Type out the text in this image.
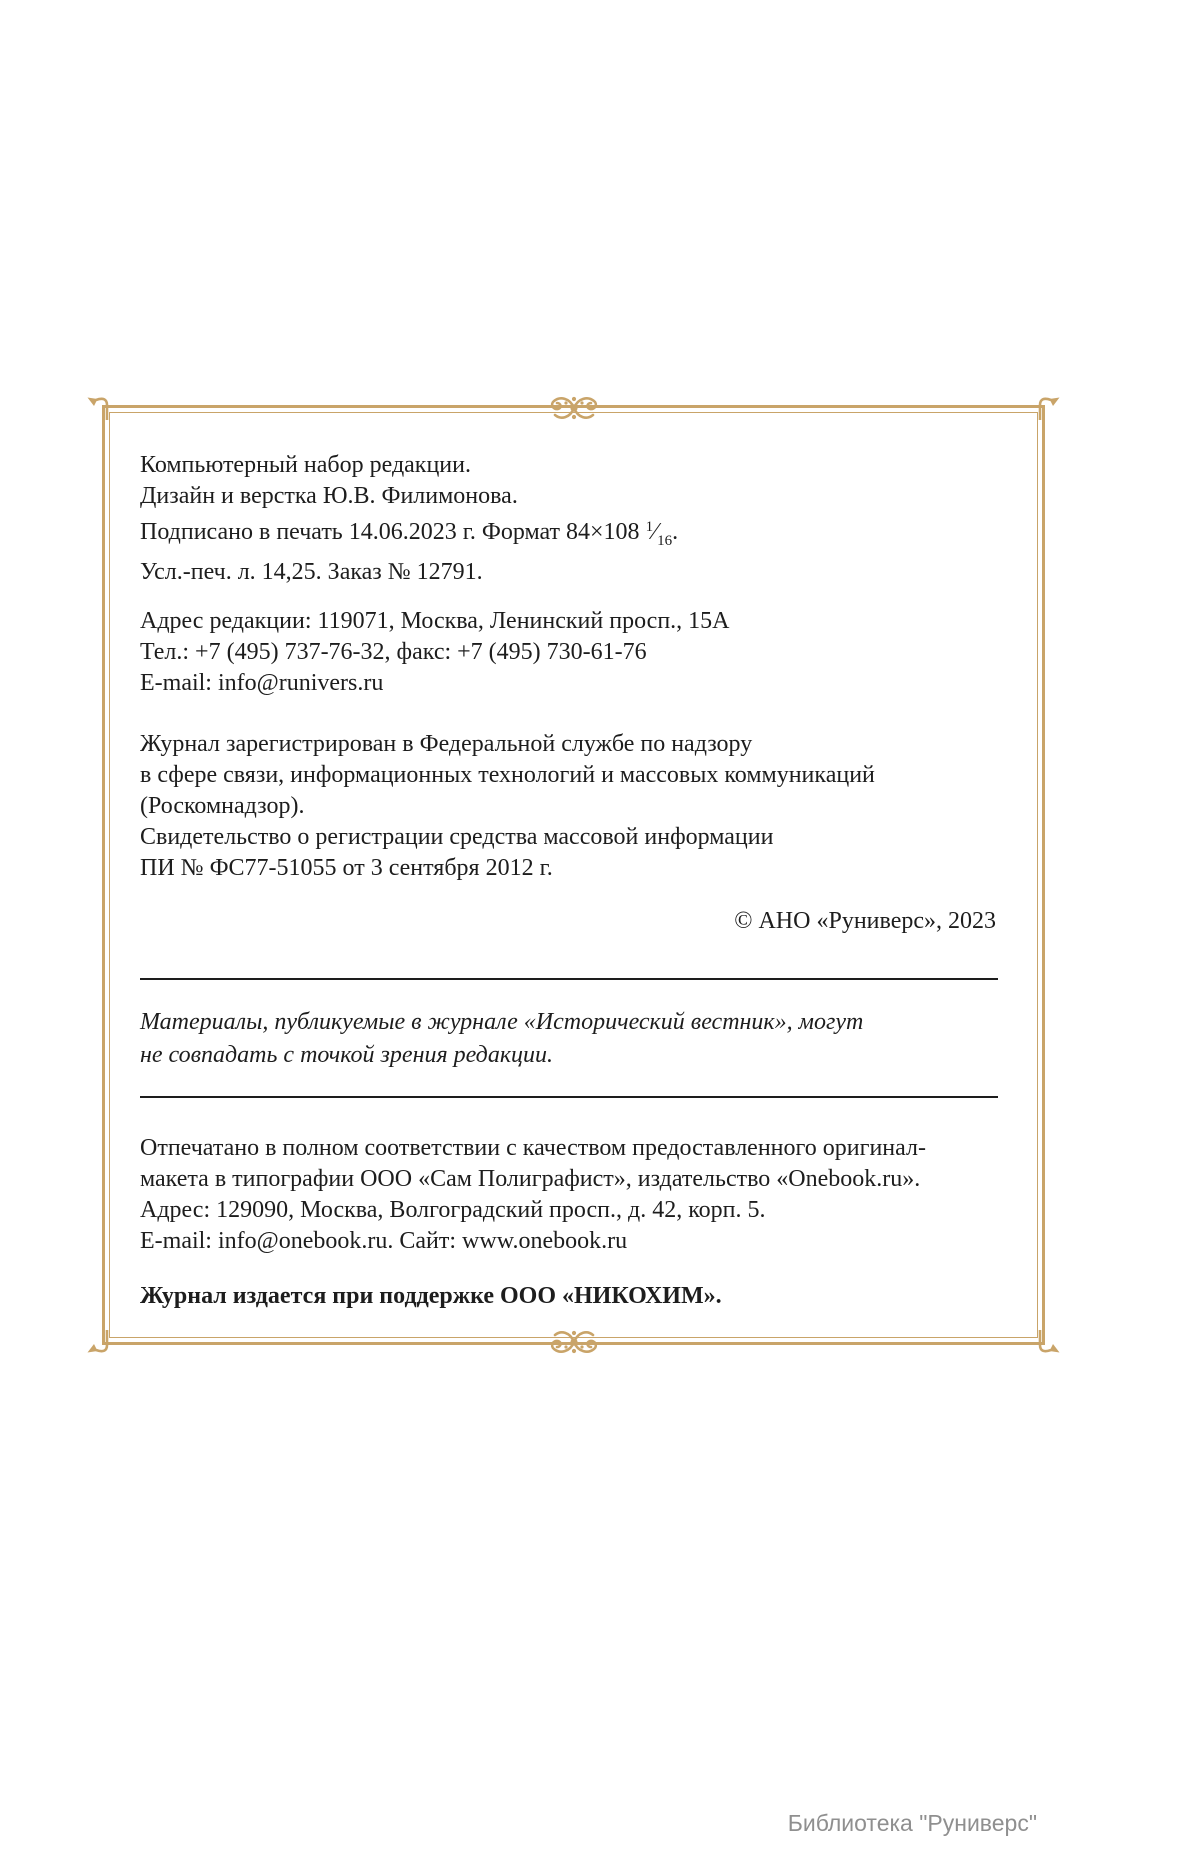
Компьютерный набор редакции.
Дизайн и верстка Ю.В. Филимонова.
Подписано в печать 14.06.2023 г. Формат 84×108 $^1⁄_{16}$.
Усл.-печ. л. 14,25. Заказ № 12791.
Адрес редакции: 119071, Москва, Ленинский просп., 15А
Тел.: +7 (495) 737-76-32, факс: +7 (495) 730-61-76
E-mail: info@runivers.ru
Журнал зарегистрирован в Федеральной службе по надзору
в сфере связи, информационных технологий и массовых коммуникаций
(Роскомнадзор).
Свидетельство о регистрации средства массовой информации
ПИ № ФС77-51055 от 3 сентября 2012 г.
© АНО «Руниверс», 2023
Материалы, публикуемые в журнале «Исторический вестник», могут
не совпадать с точкой зрения редакции.
Отпечатано в полном соответствии с качеством предоставленного оригинал-
макета в типографии ООО «Сам Полиграфист», издательство «Onebook.ru».
Адрес: 129090, Москва, Волгоградский просп., д. 42, корп. 5.
E-mail: info@onebook.ru. Сайт: www.onebook.ru
Журнал издается при поддержке ООО «НИКОХИМ».
Библиотека "Руниверс"
